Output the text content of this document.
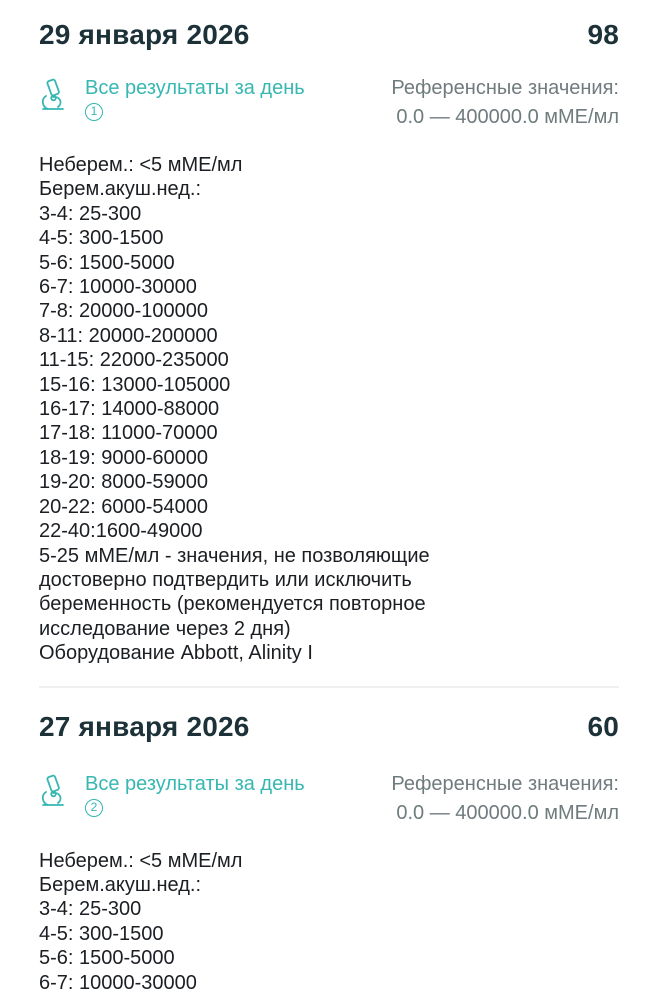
29 января 2026	98
Все результаты за день
1
Референсные значения:
0.0 — 400000.0 мМЕ/мл
Неберем.: <5 мМЕ/мл
Берем.акуш.нед.:
3-4: 25-300
4-5: 300-1500
5-6: 1500-5000
6-7: 10000-30000
7-8: 20000-100000
8-11: 20000-200000
11-15: 22000-235000
15-16: 13000-105000
16-17: 14000-88000
17-18: 11000-70000
18-19: 9000-60000
19-20: 8000-59000
20-22: 6000-54000
22-40:1600-49000
5-25 мМЕ/мл - значения, не позволяющие
достоверно подтвердить или исключить
беременность (рекомендуется повторное
исследование через 2 дня)
Оборудование Abbott, Alinity I
27 января 2026	60
Все результаты за день
2
Референсные значения:
0.0 — 400000.0 мМЕ/мл
Неберем.: <5 мМЕ/мл
Берем.акуш.нед.:
3-4: 25-300
4-5: 300-1500
5-6: 1500-5000
6-7: 10000-30000
